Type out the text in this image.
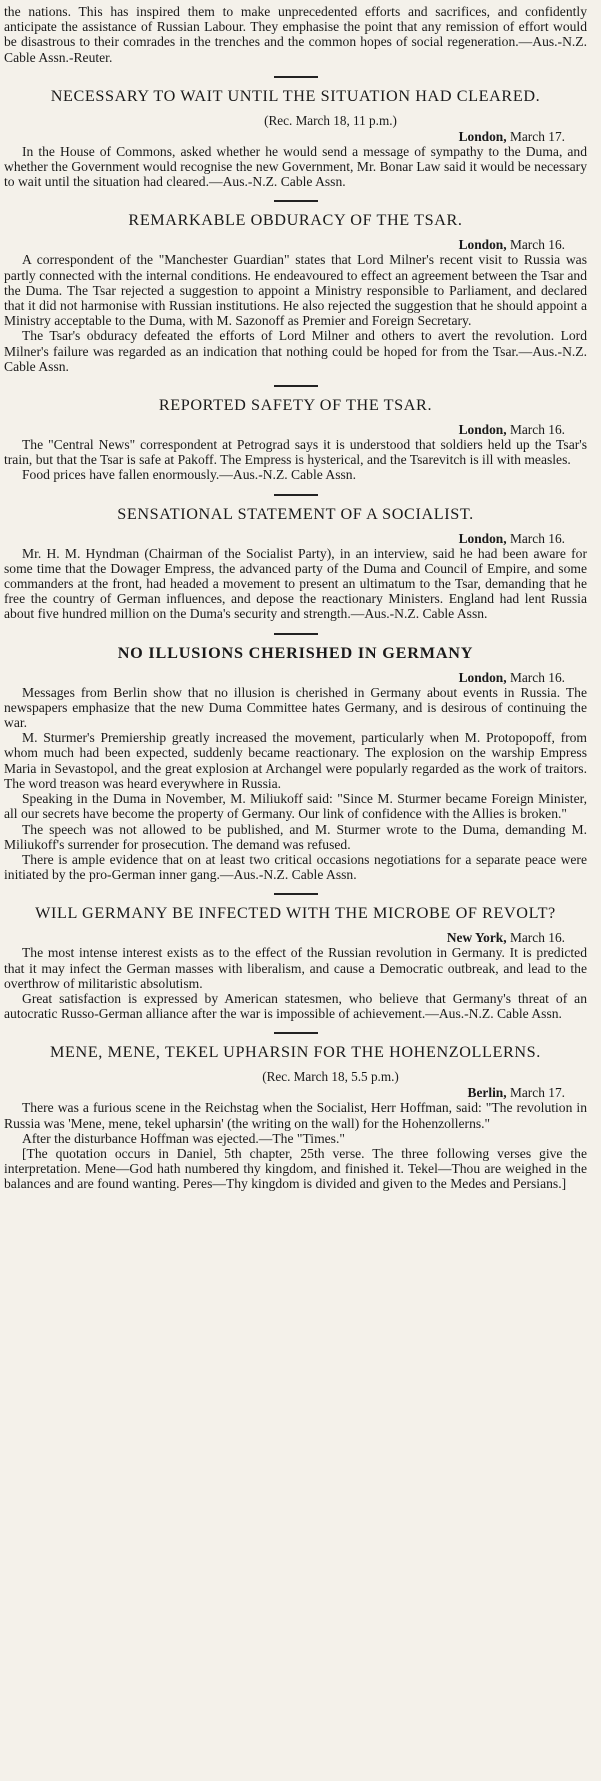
the nations. This has inspired them to make unprecedented efforts and sacrifices, and confidently anticipate the assistance of Russian Labour. They emphasise the point that any remission of effort would be disastrous to their comrades in the trenches and the common hopes of social regeneration.—Aus.-N.Z. Cable Assn.-Reuter.

NECESSARY TO WAIT UNTIL THE SITUATION HAD CLEARED.

(Rec. March 18, 11 p.m.)

London, March 17.

In the House of Commons, asked whether he would send a message of sympathy to the Duma, and whether the Government would recognise the new Government, Mr. Bonar Law said it would be necessary to wait until the situation had cleared.—Aus.-N.Z. Cable Assn.

REMARKABLE OBDURACY OF THE TSAR.

London, March 16.

A correspondent of the "Manchester Guardian" states that Lord Milner's recent visit to Russia was partly connected with the internal conditions. He endeavoured to effect an agreement between the Tsar and the Duma. The Tsar rejected a suggestion to appoint a Ministry responsible to Parliament, and declared that it did not harmonise with Russian institutions. He also rejected the suggestion that he should appoint a Ministry acceptable to the Duma, with M. Sazonoff as Premier and Foreign Secretary.

The Tsar's obduracy defeated the efforts of Lord Milner and others to avert the revolution. Lord Milner's failure was regarded as an indication that nothing could be hoped for from the Tsar.—Aus.-N.Z. Cable Assn.

REPORTED SAFETY OF THE TSAR.

London, March 16.

The "Central News" correspondent at Petrograd says it is understood that soldiers held up the Tsar's train, but that the Tsar is safe at Pakoff. The Empress is hysterical, and the Tsarevitch is ill with measles.

Food prices have fallen enormously.—Aus.-N.Z. Cable Assn.

SENSATIONAL STATEMENT OF A SOCIALIST.

London, March 16.

Mr. H. M. Hyndman (Chairman of the Socialist Party), in an interview, said he had been aware for some time that the Dowager Empress, the advanced party of the Duma and Council of Empire, and some commanders at the front, had headed a movement to present an ultimatum to the Tsar, demanding that he free the country of German influences, and depose the reactionary Ministers. England had lent Russia about five hundred million on the Duma's security and strength.—Aus.-N.Z. Cable Assn.

NO ILLUSIONS CHERISHED IN GERMANY

London, March 16.

Messages from Berlin show that no illusion is cherished in Germany about events in Russia. The newspapers emphasize that the new Duma Committee hates Germany, and is desirous of continuing the war.

M. Sturmer's Premiership greatly increased the movement, particularly when M. Protopopoff, from whom much had been expected, suddenly became reactionary. The explosion on the warship Empress Maria in Sevastopol, and the great explosion at Archangel were popularly regarded as the work of traitors. The word treason was heard everywhere in Russia.

Speaking in the Duma in November, M. Miliukoff said: "Since M. Sturmer became Foreign Minister, all our secrets have become the property of Germany. Our link of confidence with the Allies is broken."

The speech was not allowed to be published, and M. Sturmer wrote to the Duma, demanding M. Miliukoff's surrender for prosecution. The demand was refused.

There is ample evidence that on at least two critical occasions negotiations for a separate peace were initiated by the pro-German inner gang.—Aus.-N.Z. Cable Assn.

WILL GERMANY BE INFECTED WITH THE MICROBE OF REVOLT?

New York, March 16.

The most intense interest exists as to the effect of the Russian revolution in Germany. It is predicted that it may infect the German masses with liberalism, and cause a Democratic outbreak, and lead to the overthrow of militaristic absolutism.

Great satisfaction is expressed by American statesmen, who believe that Germany's threat of an autocratic Russo-German alliance after the war is impossible of achievement.—Aus.-N.Z. Cable Assn.

MENE, MENE, TEKEL UPHARSIN FOR THE HOHENZOLLERNS.

(Rec. March 18, 5.5 p.m.)

Berlin, March 17.

There was a furious scene in the Reichstag when the Socialist, Herr Hoffman, said: "The revolution in Russia was 'Mene, mene, tekel upharsin' (the writing on the wall) for the Hohenzollerns."

After the disturbance Hoffman was ejected.—The "Times."

[The quotation occurs in Daniel, 5th chapter, 25th verse. The three following verses give the interpretation. Mene—God hath numbered thy kingdom, and finished it. Tekel—Thou are weighed in the balances and are found wanting. Peres—Thy kingdom is divided and given to the Medes and Persians.]
